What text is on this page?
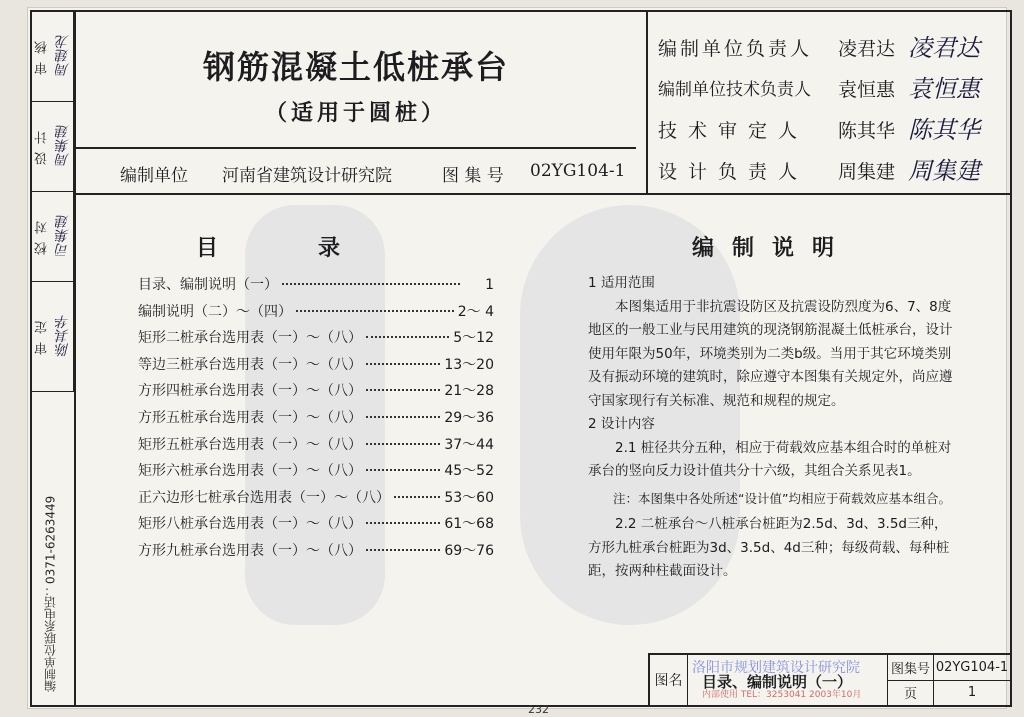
审 核 周建龙
设 计 周集建
校 对 司集建
审 定 陈其华
编制单位联系电话：0371-6263449
钢筋混凝土低桩承台
（适用于圆桩）
编制单位 河南省建筑设计研究院	图 集 号 02YG104-1
编制单位负责人 凌君达 凌君达
编制单位技术负责人 袁恒惠 袁恒惠
技术审定人 陈其华 陈其华
设计负责人 周集建 周集建
目录
目录、编制说明（一）	1
编制说明（二）～（四）	2～ 4
矩形二桩承台选用表（一）～（八）	5～12
等边三桩承台选用表（一）～（八）	13～20
方形四桩承台选用表（一）～（八）	21～28
方形五桩承台选用表（一）～（八）	29～36
矩形五桩承台选用表（一）～（八）	37～44
矩形六桩承台选用表（一）～（八）	45～52
正六边形七桩承台选用表（一）～（八）	53～60
矩形八桩承台选用表（一）～（八）	61～68
方形九桩承台选用表（一）～（八）	69～76
编制说明

1 适用范围

本图集适用于非抗震设防区及抗震设防烈度为6、7、8度地区的一般工业与民用建筑的现浇钢筋混凝土低桩承台，设计使用年限为50年，环境类别为二类b级。当用于其它环境类别及有振动环境的建筑时，除应遵守本图集有关规定外，尚应遵守国家现行有关标准、规范和规程的规定。

2 设计内容

2.1 桩径共分五种，相应于荷载效应基本组合时的单桩对承台的竖向反力设计值共分十六级，其组合关系见表1。

注：本图集中各处所述“设计值”均相应于荷载效应基本组合。

2.2 二桩承台～八桩承台桩距为2.5d、3d、3.5d三种，方形九桩承台桩距为3d、3.5d、4d三种；每级荷载、每种桩距，按两种柱截面设计。

图名
洛阳市规划建筑设计研究院
目录、编制说明（一）
内部使用 TEL：3253041 2003年10月
图集号 02YG104-1
页	1
232
